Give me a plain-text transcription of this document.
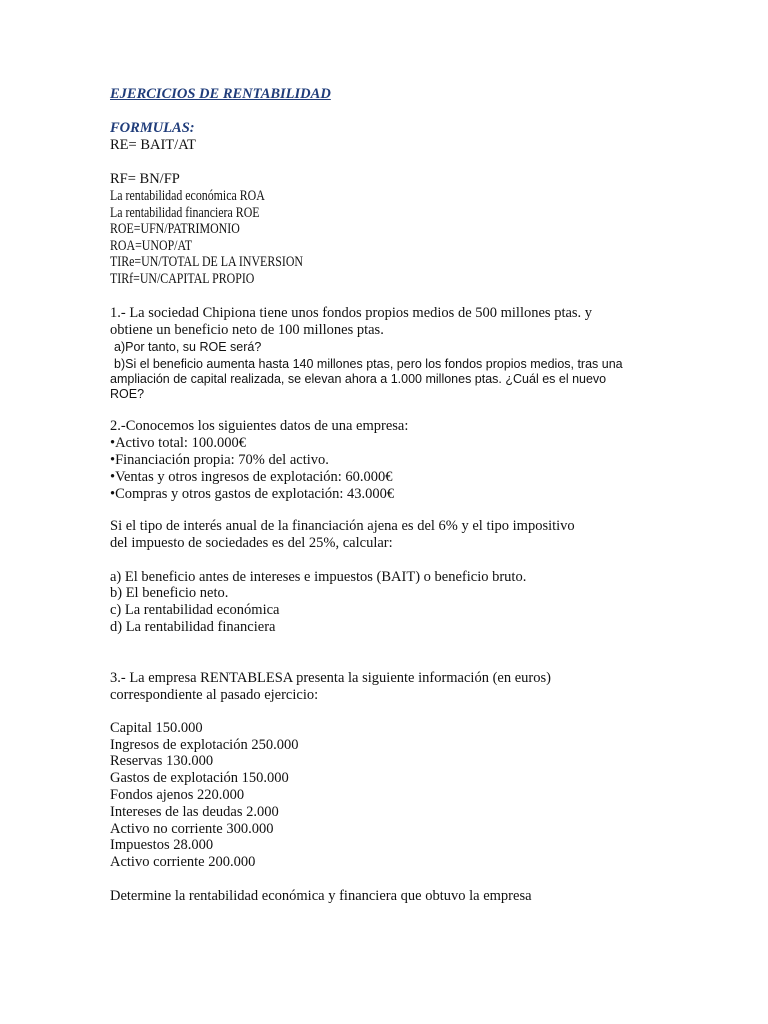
EJERCICIOS DE RENTABILIDAD
FORMULAS:
RE= BAIT/AT
RF= BN/FP
La rentabilidad económica ROA
La rentabilidad financiera ROE
ROE=UFN/PATRIMONIO
ROA=UNOP/AT
TIRe=UN/TOTAL DE LA INVERSION
TIRf=UN/CAPITAL PROPIO
1.- La sociedad Chipiona tiene unos fondos propios medios de 500 millones ptas. y
obtiene un beneficio neto de 100 millones ptas.
a)Por tanto, su ROE será?
b)Si el beneficio aumenta hasta 140 millones ptas, pero los fondos propios medios, tras una
ampliación de capital realizada, se elevan ahora a 1.000 millones ptas. ¿Cuál es el nuevo
ROE?
2.-Conocemos los siguientes datos de una empresa:
•Activo total: 100.000€
•Financiación propia: 70% del activo.
•Ventas y otros ingresos de explotación: 60.000€
•Compras y otros gastos de explotación: 43.000€
Si el tipo de interés anual de la financiación ajena es del 6% y el tipo impositivo
del impuesto de sociedades es del 25%, calcular:
a) El beneficio antes de intereses e impuestos (BAIT) o beneficio bruto.
b) El beneficio neto.
c) La rentabilidad económica
d) La rentabilidad financiera
3.- La empresa RENTABLESA presenta la siguiente información (en euros)
correspondiente al pasado ejercicio:
Capital 150.000
Ingresos de explotación 250.000
Reservas 130.000
Gastos de explotación 150.000
Fondos ajenos 220.000
Intereses de las deudas 2.000
Activo no corriente 300.000
Impuestos 28.000
Activo corriente 200.000
Determine la rentabilidad económica y financiera que obtuvo la empresa
